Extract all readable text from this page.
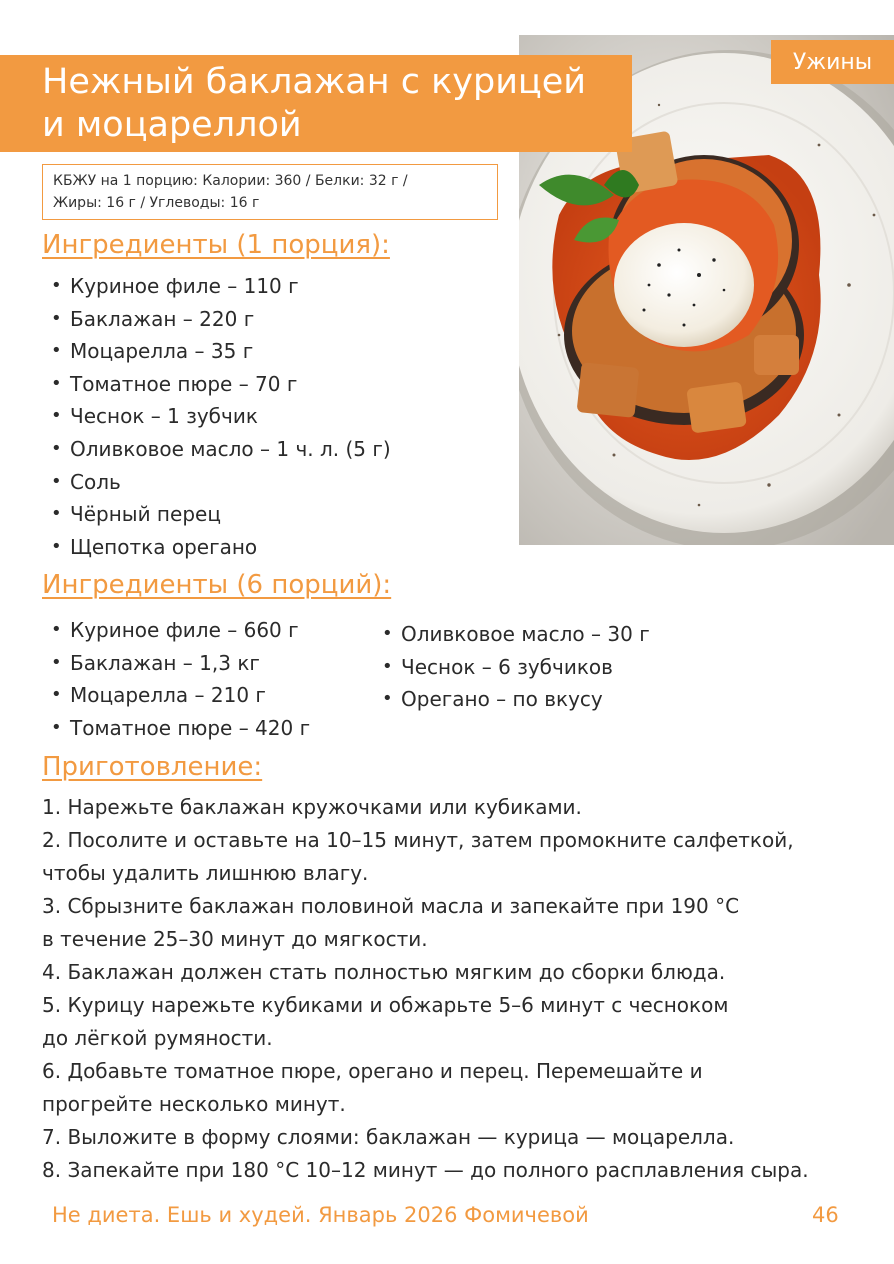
Ужины
Нежный баклажан с курицей
и моцареллой
КБЖУ на 1 порцию: Калории: 360 / Белки: 32 г /
Жиры: 16 г / Углеводы: 16 г
Ингредиенты (1 порция):
• Куриное филе – 110 г
• Баклажан – 220 г
• Моцарелла – 35 г
• Томатное пюре – 70 г
• Чеснок – 1 зубчик
• Оливковое масло – 1 ч. л. (5 г)
• Соль
• Чёрный перец
• Щепотка орегано
Ингредиенты (6 порций):
• Куриное филе – 660 г
• Баклажан – 1,3 кг
• Моцарелла – 210 г
• Томатное пюре – 420 г
• Оливковое масло – 30 г
• Чеснок – 6 зубчиков
• Орегано – по вкусу
Приготовление:

1. Нарежьте баклажан кружочками или кубиками.

2. Посолите и оставьте на 10–15 минут, затем промокните салфеткой,

чтобы удалить лишнюю влагу.

3. Сбрызните баклажан половиной масла и запекайте при 190 °C

в течение 25–30 минут до мягкости.

4. Баклажан должен стать полностью мягким до сборки блюда.

5. Курицу нарежьте кубиками и обжарьте 5–6 минут с чесноком

до лёгкой румяности.

6. Добавьте томатное пюре, орегано и перец. Перемешайте и

прогрейте несколько минут.

7. Выложите в форму слоями: баклажан — курица — моцарелла.

8. Запекайте при 180 °C 10–12 минут — до полного расплавления сыра.

Не диета. Ешь и худей. Январь 2026 Фомичевой	46
